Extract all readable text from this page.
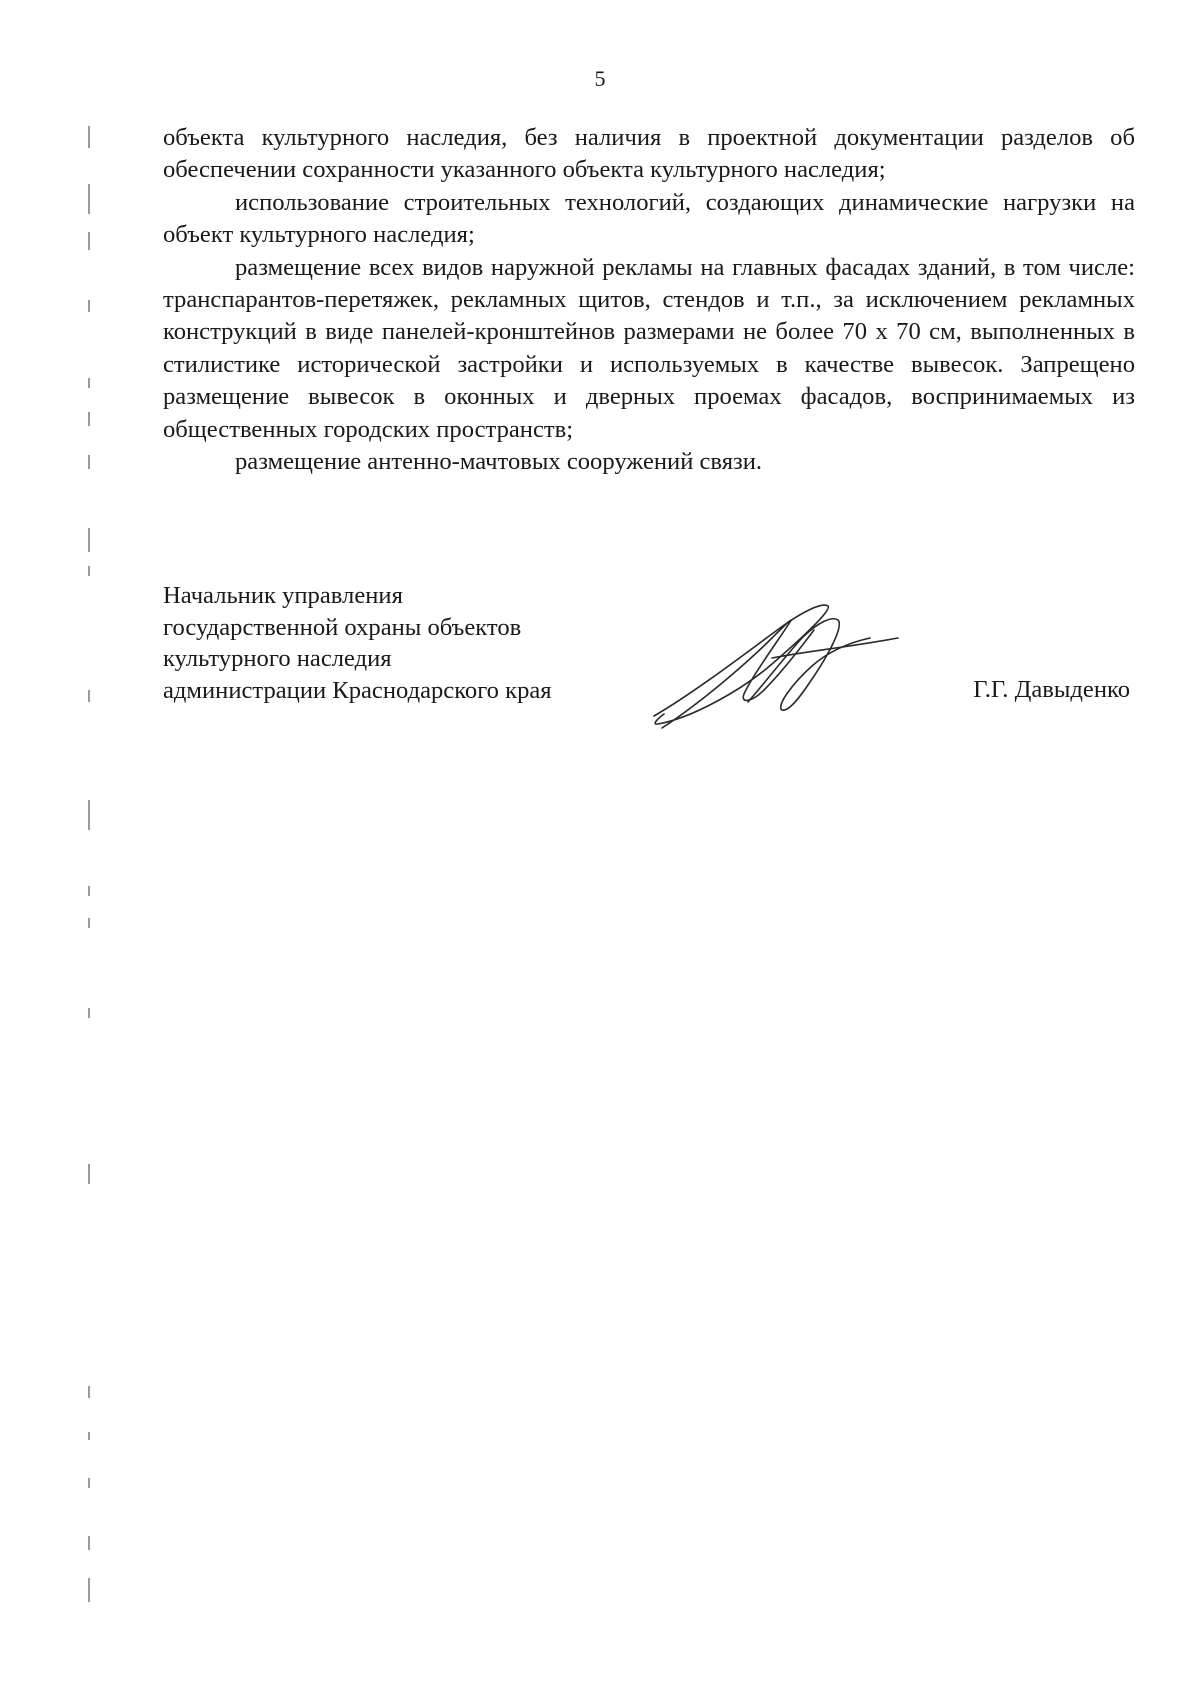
5

объекта культурного наследия, без наличия в проектной документации разделов об обеспечении сохранности указанного объекта культурного наследия;

использование строительных технологий, создающих динамические нагрузки на объект культурного наследия;

размещение всех видов наружной рекламы на главных фасадах зданий, в том числе: транспарантов-перетяжек, рекламных щитов, стендов и т.п., за исключением рекламных конструкций в виде панелей-кронштейнов размерами не более 70 х 70 см, выполненных в стилистике исторической застройки и используемых в качестве вывесок. Запрещено размещение вывесок в оконных и дверных проемах фасадов, воспринимаемых из общественных городских пространств;

размещение антенно-мачтовых сооружений связи.

Начальник управления
государственной охраны объектов
культурного наследия
администрации Краснодарского края	Г.Г. Давыденко
